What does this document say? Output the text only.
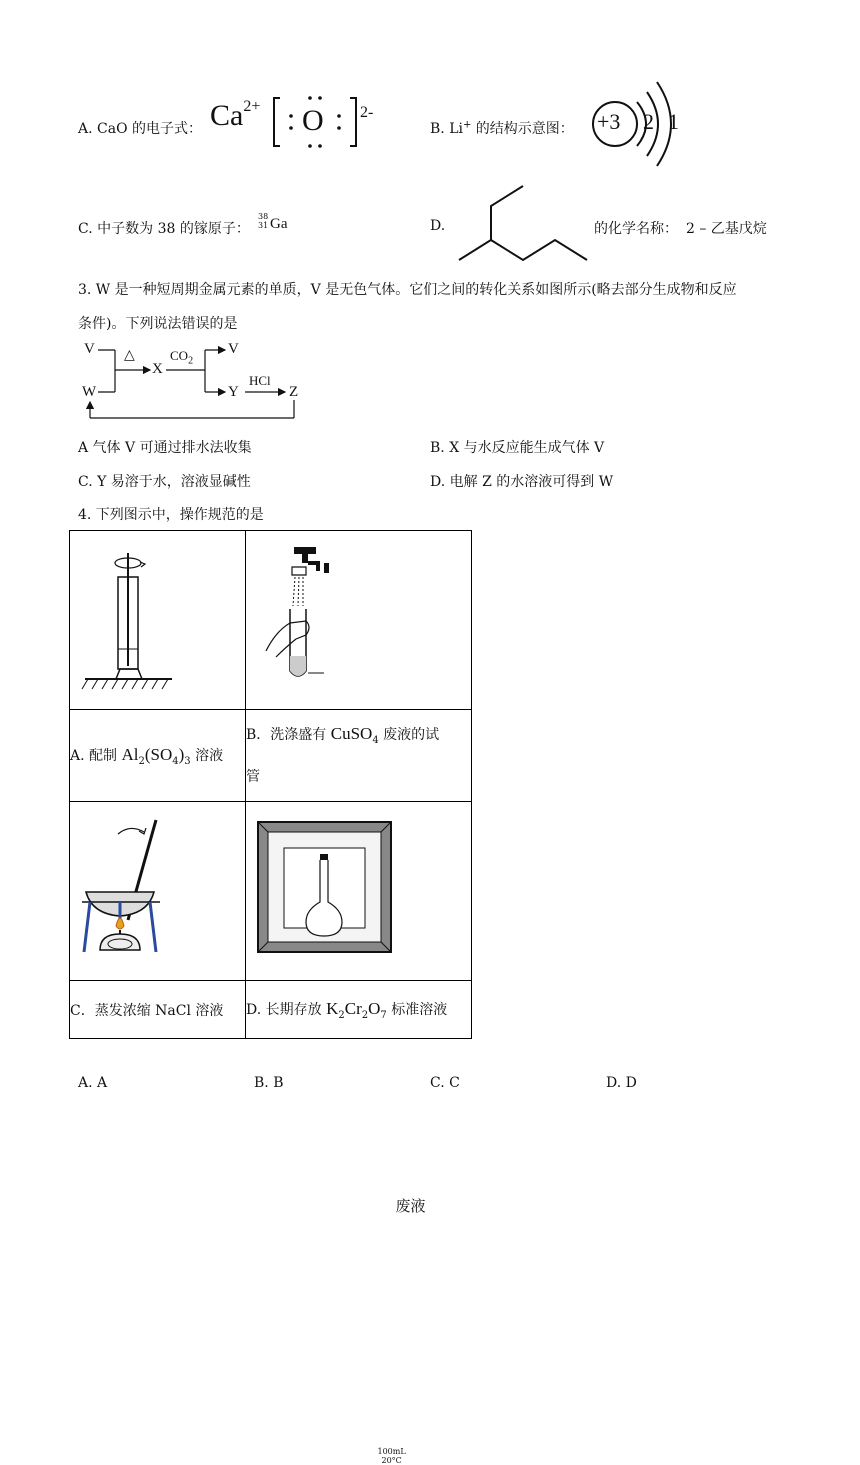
A. CaO 的电子式： $Ca^{2+}$ O 2-
B. Li+ 的结构示意图： +3 2 1
C. 中子数为 38 的镓原子：
38
31 Ga	D.	的化学名称： 2 – 乙基戊烷
3. W 是一种短周期金属元素的单质，V 是无色气体。它们之间的转化关系如图所示(略去部分生成物和反应
条件)。下列说法错误的是
V
W
△
X
$CO_2$
V
Y
HCl
Z
A 气体 V 可通过排水法收集	B. X 与水反应能生成气体 V
C. Y 易溶于水，溶液显碱性	D. 电解 Z 的水溶液可得到 W
4. 下列图示中，操作规范的是

废液

A. 配制 $Al_2(SO_4)_3$ 溶液	B．洗涤盛有 CuSO$_4$ 废液的试
管

100mL
20°C

C．蒸发浓缩 NaCl 溶液	D. 长期存放 $K_2Cr_2O_7$ 标准溶液
A. A	B. B	C. C	D. D
